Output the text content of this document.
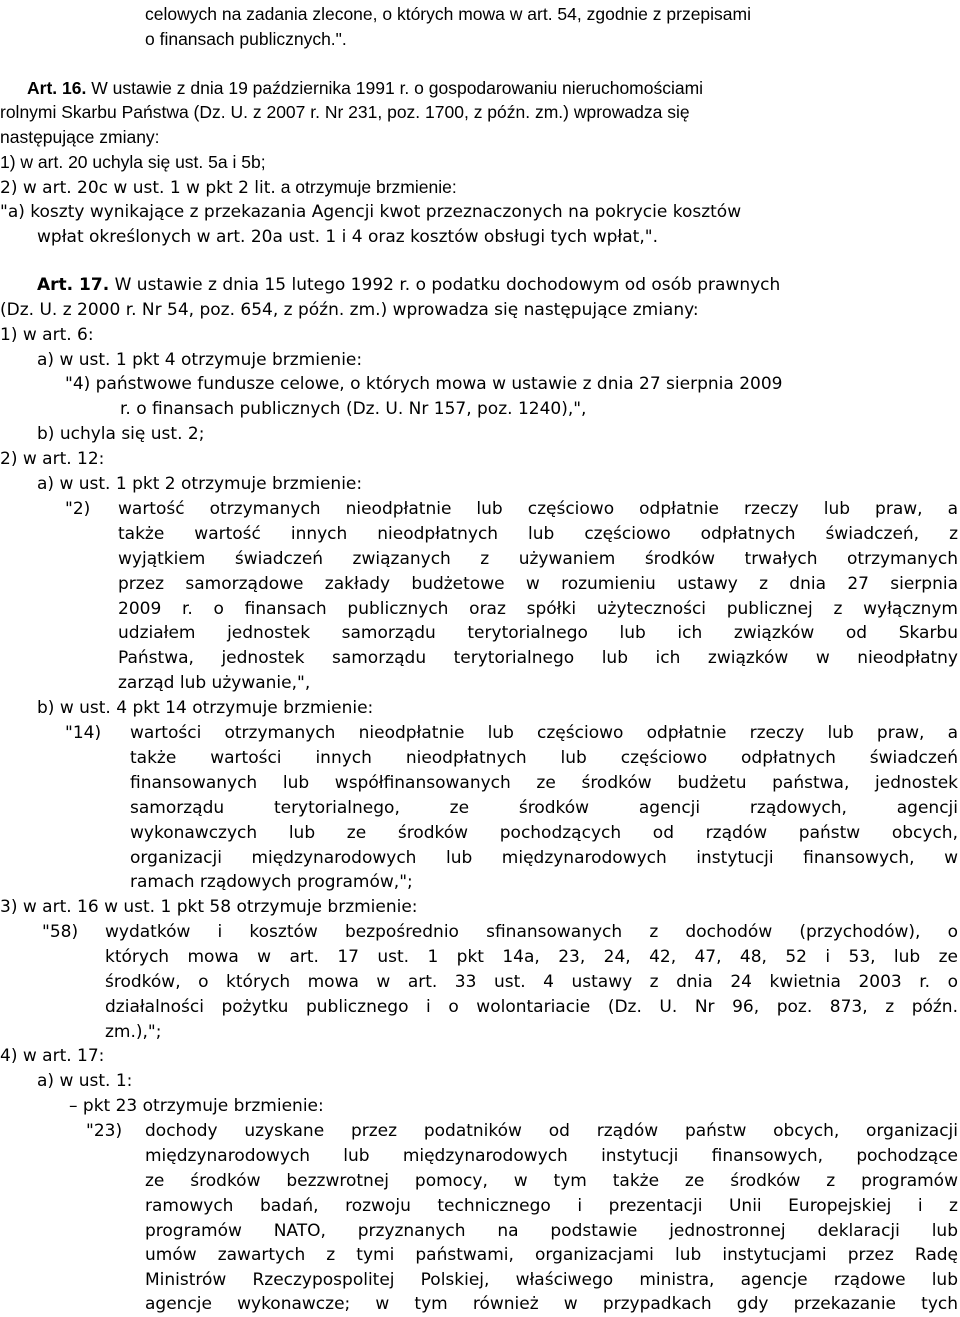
celowych na zadania zlecone, o których mowa w art. 54, zgodnie z przepisami
o finansach publicznych.".
Art. 16. W ustawie z dnia 19 października 1991 r. o gospodarowaniu nieruchomościami
rolnymi Skarbu Państwa (Dz. U. z 2007 r. Nr 231, poz. 1700, z późn. zm.) wprowadza się
następujące zmiany:
1) w art. 20 uchyla się ust. 5a i 5b;
2) w art. 20c w ust. 1 w pkt 2 lit. a otrzymuje brzmienie:
"a) koszty wynikające z przekazania Agencji kwot przeznaczonych na pokrycie kosztów
wpłat określonych w art. 20a ust. 1 i 4 oraz kosztów obsługi tych wpłat,".
Art. 17. W ustawie z dnia 15 lutego 1992 r. o podatku dochodowym od osób prawnych
(Dz. U. z 2000 r. Nr 54, poz. 654, z późn. zm.) wprowadza się następujące zmiany:
1) w art. 6:
a) w ust. 1 pkt 4 otrzymuje brzmienie:
"4) państwowe fundusze celowe, o których mowa w ustawie z dnia 27 sierpnia 2009
r. o finansach publicznych (Dz. U. Nr 157, poz. 1240),",
b) uchyla się ust. 2;
2) w art. 12:
a) w ust. 1 pkt 2 otrzymuje brzmienie:
"2) wartość otrzymanych nieodpłatnie lub częściowo odpłatnie rzeczy lub praw, a
także wartość innych nieodpłatnych lub częściowo odpłatnych świadczeń, z
wyjątkiem świadczeń związanych z używaniem środków trwałych otrzymanych
przez samorządowe zakłady budżetowe w rozumieniu ustawy z dnia 27 sierpnia
2009 r. o finansach publicznych oraz spółki użyteczności publicznej z wyłącznym
udziałem jednostek samorządu terytorialnego lub ich związków od Skarbu
Państwa, jednostek samorządu terytorialnego lub ich związków w nieodpłatny
zarząd lub używanie,",
b) w ust. 4 pkt 14 otrzymuje brzmienie:
"14) wartości otrzymanych nieodpłatnie lub częściowo odpłatnie rzeczy lub praw, a
także wartości innych nieodpłatnych lub częściowo odpłatnych świadczeń
finansowanych lub współfinansowanych ze środków budżetu państwa, jednostek
samorządu terytorialnego, ze środków agencji rządowych, agencji
wykonawczych lub ze środków pochodzących od rządów państw obcych,
organizacji międzynarodowych lub międzynarodowych instytucji finansowych, w
ramach rządowych programów,";
3) w art. 16 w ust. 1 pkt 58 otrzymuje brzmienie:
"58) wydatków i kosztów bezpośrednio sfinansowanych z dochodów (przychodów), o
których mowa w art. 17 ust. 1 pkt 14a, 23, 24, 42, 47, 48, 52 i 53, lub ze
środków, o których mowa w art. 33 ust. 4 ustawy z dnia 24 kwietnia 2003 r. o
działalności pożytku publicznego i o wolontariacie (Dz. U. Nr 96, poz. 873, z późn.
zm.),";
4) w art. 17:
a) w ust. 1:
– pkt 23 otrzymuje brzmienie:
"23) dochody uzyskane przez podatników od rządów państw obcych, organizacji
międzynarodowych lub międzynarodowych instytucji finansowych, pochodzące
ze środków bezzwrotnej pomocy, w tym także ze środków z programów
ramowych badań, rozwoju technicznego i prezentacji Unii Europejskiej i z
programów NATO, przyznanych na podstawie jednostronnej deklaracji lub
umów zawartych z tymi państwami, organizacjami lub instytucjami przez Radę
Ministrów Rzeczypospolitej Polskiej, właściwego ministra, agencje rządowe lub
agencje wykonawcze; w tym również w przypadkach gdy przekazanie tych
